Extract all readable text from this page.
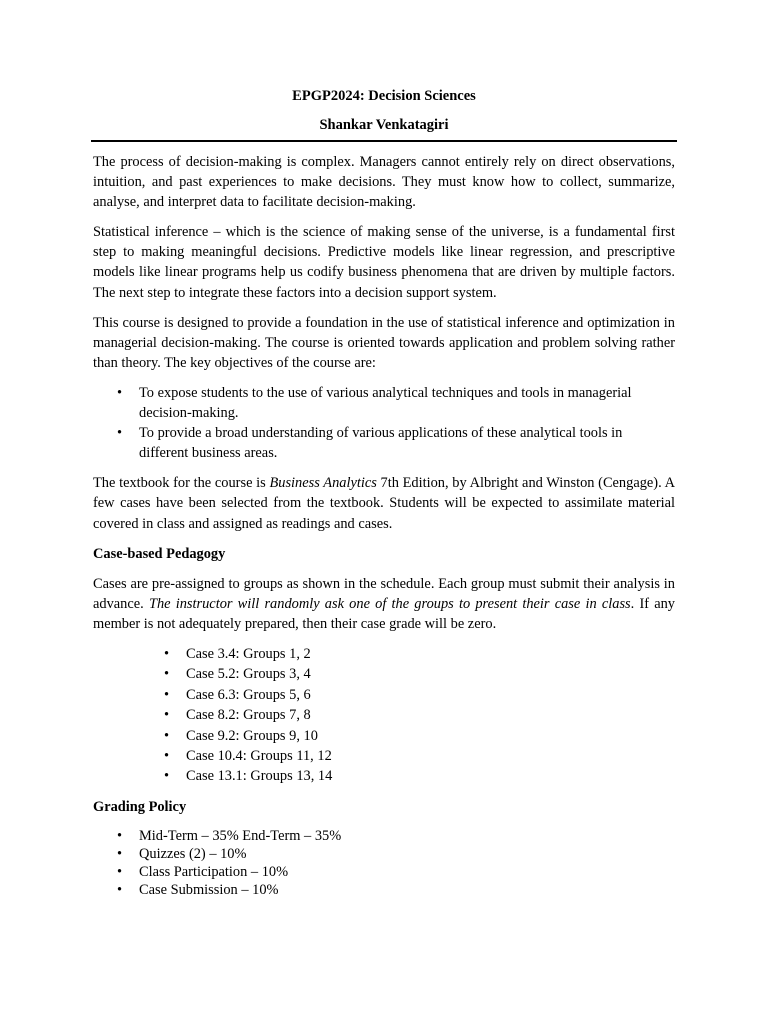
EPGP2024: Decision Sciences
Shankar Venkatagiri

The process of decision-making is complex. Managers cannot entirely rely on direct observations, intuition, and past experiences to make decisions. They must know how to collect, summarize, analyse, and interpret data to facilitate decision-making.

Statistical inference – which is the science of making sense of the universe, is a fundamental first step to making meaningful decisions. Predictive models like linear regression, and prescriptive models like linear programs help us codify business phenomena that are driven by multiple factors. The next step to integrate these factors into a decision support system.

This course is designed to provide a foundation in the use of statistical inference and optimization in managerial decision-making. The course is oriented towards application and problem solving rather than theory. The key objectives of the course are:

• To expose students to the use of various analytical techniques and tools in managerial decision-making.
• To provide a broad understanding of various applications of these analytical tools in different business areas.

The textbook for the course is Business Analytics 7th Edition, by Albright and Winston (Cengage). A few cases have been selected from the textbook. Students will be expected to assimilate material covered in class and assigned as readings and cases.

Case-based Pedagogy

Cases are pre-assigned to groups as shown in the schedule. Each group must submit their analysis in advance. The instructor will randomly ask one of the groups to present their case in class. If any member is not adequately prepared, then their case grade will be zero.

• Case 3.4: Groups 1, 2
• Case 5.2: Groups 3, 4
• Case 6.3: Groups 5, 6
• Case 8.2: Groups 7, 8
• Case 9.2: Groups 9, 10
• Case 10.4: Groups 11, 12
• Case 13.1: Groups 13, 14
Grading Policy
• Mid-Term – 35% End-Term – 35%
• Quizzes (2) – 10%
• Class Participation – 10%
• Case Submission – 10%
